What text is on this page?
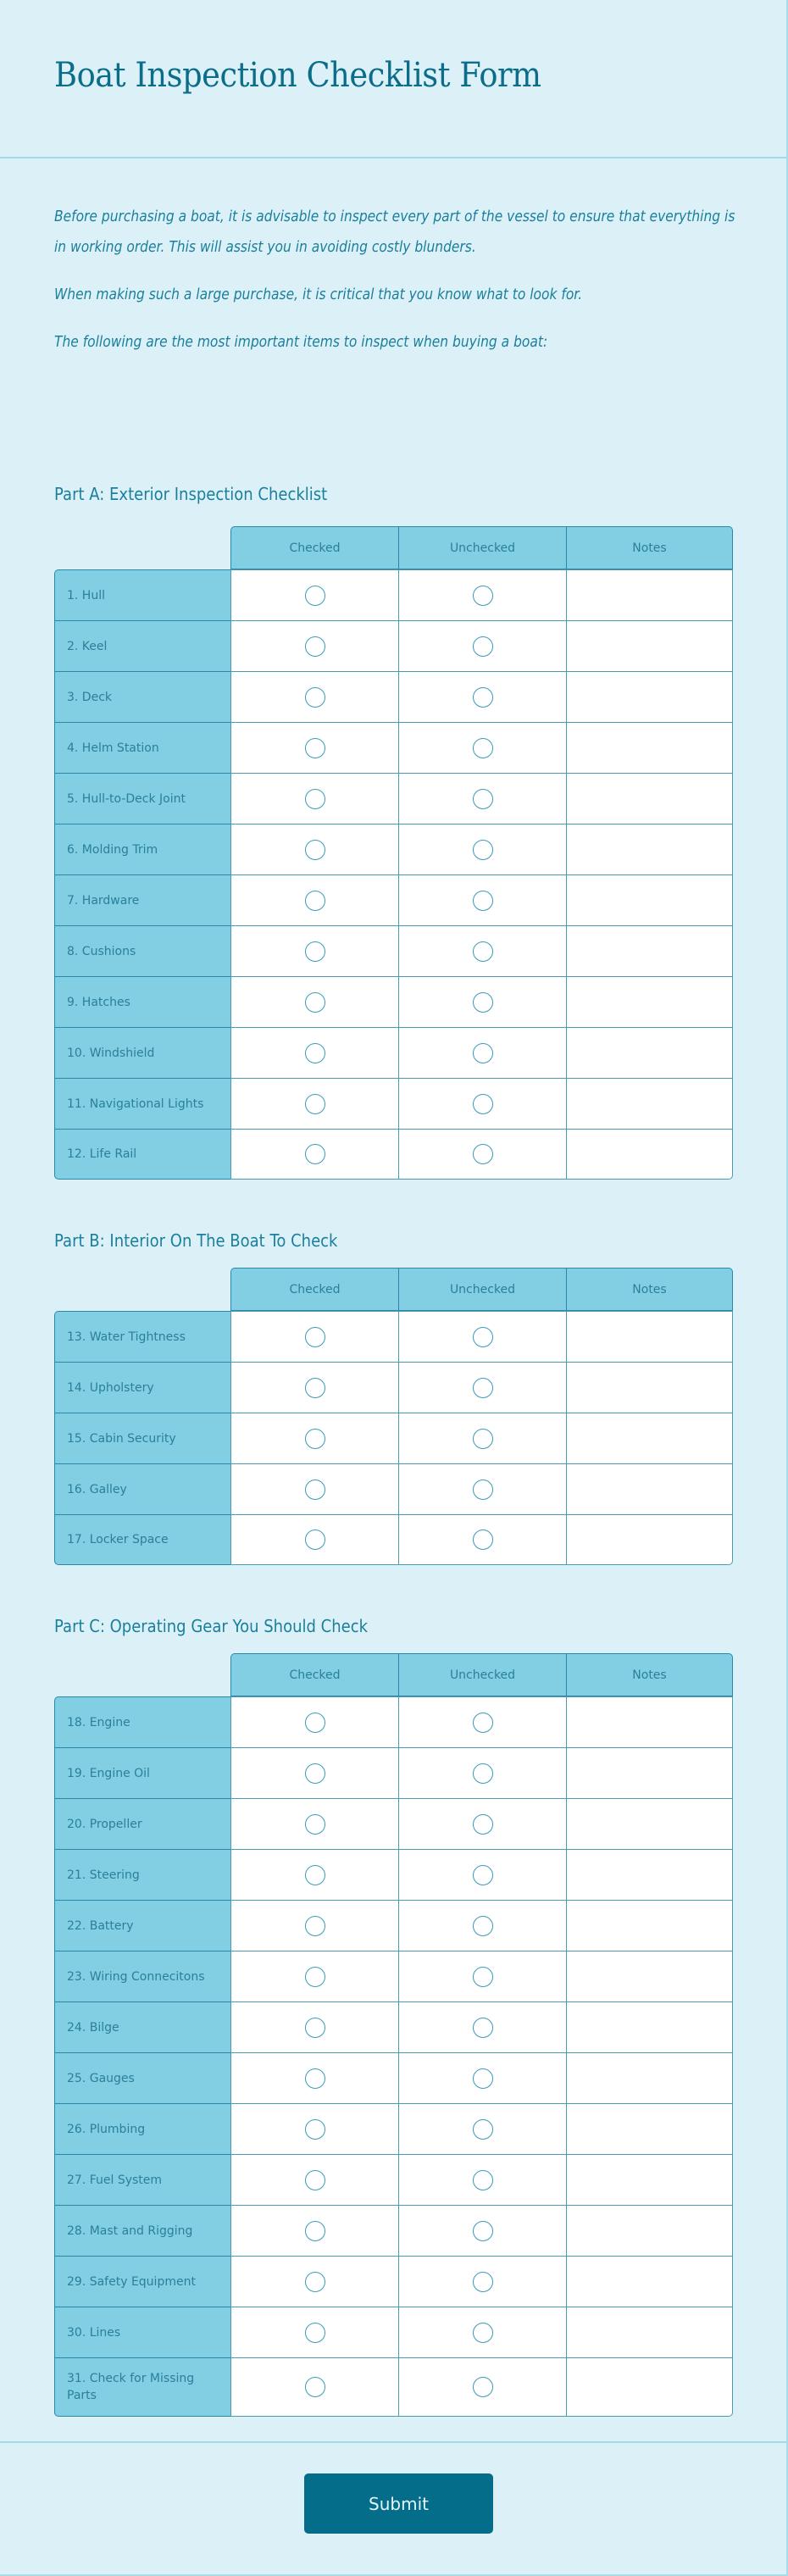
Boat Inspection Checklist Form

Before purchasing a boat, it is advisable to inspect every part of the vessel to ensure that everything is in working order. This will assist you in avoiding costly blunders.

When making such a large purchase, it is critical that you know what to look for.

The following are the most important items to inspect when buying a boat:

Part A: Exterior Inspection Checklist
Checked	Unchecked	Notes
1. Hull
2. Keel
3. Deck
4. Helm Station
5. Hull-to-Deck Joint
6. Molding Trim
7. Hardware
8. Cushions
9. Hatches
10. Windshield
11. Navigational Lights
12. Life Rail
Part B: Interior On The Boat To Check
Checked	Unchecked	Notes
13. Water Tightness
14. Upholstery
15. Cabin Security
16. Galley
17. Locker Space
Part C: Operating Gear You Should Check
Checked	Unchecked	Notes
18. Engine
19. Engine Oil
20. Propeller
21. Steering
22. Battery
23. Wiring Connecitons
24. Bilge
25. Gauges
26. Plumbing
27. Fuel System
28. Mast and Rigging
29. Safety Equipment
30. Lines
31. Check for Missing Parts
Submit
